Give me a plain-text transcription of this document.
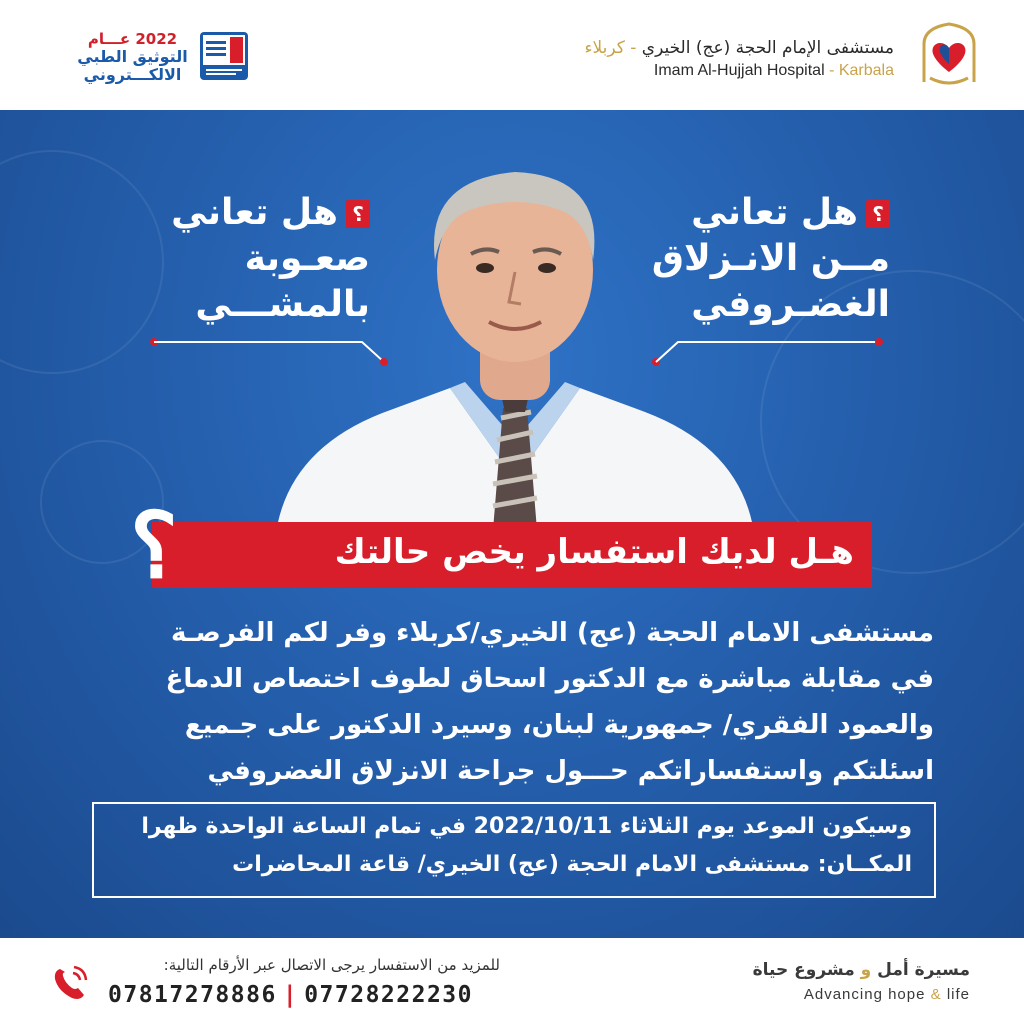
مستشفى الإمام الحجة (عج) الخيري - كربلاء
Imam Al-Hujjah Hospital - Karbala
2022 عـــام
التوثيق الطبي
الالكـــتروني
؟هل تعاني
صعـوبة
بالمشـــي
؟هل تعاني
مــن الانـزلاق
الغضـروفي
هـل لديك استفسار يخص حالتك
؟
مستشفى الامام الحجة (عج) الخيري/كربلاء وفر لكم الفرصـة
في مقابلة مباشرة مع الدكتور اسحاق لطوف اختصاص الدماغ
والعمود الفقري/ جمهورية لبنان، وسيرد الدكتور على جـميع
اسئلتكم واستفساراتكم حـــول جراحة الانزلاق الغضروفي
وسيكون الموعد يوم الثلاثاء 2022/10/11 في تمام الساعة الواحدة ظهرا
المكــان: مستشفى الامام الحجة (عج) الخيري/ قاعة المحاضرات
للمزيد من الاستفسار يرجى الاتصال عبر الأرقام التالية:
07817278886 | 07728222230
مسيرة أمل و مشروع حياة
Advancing hope & life
